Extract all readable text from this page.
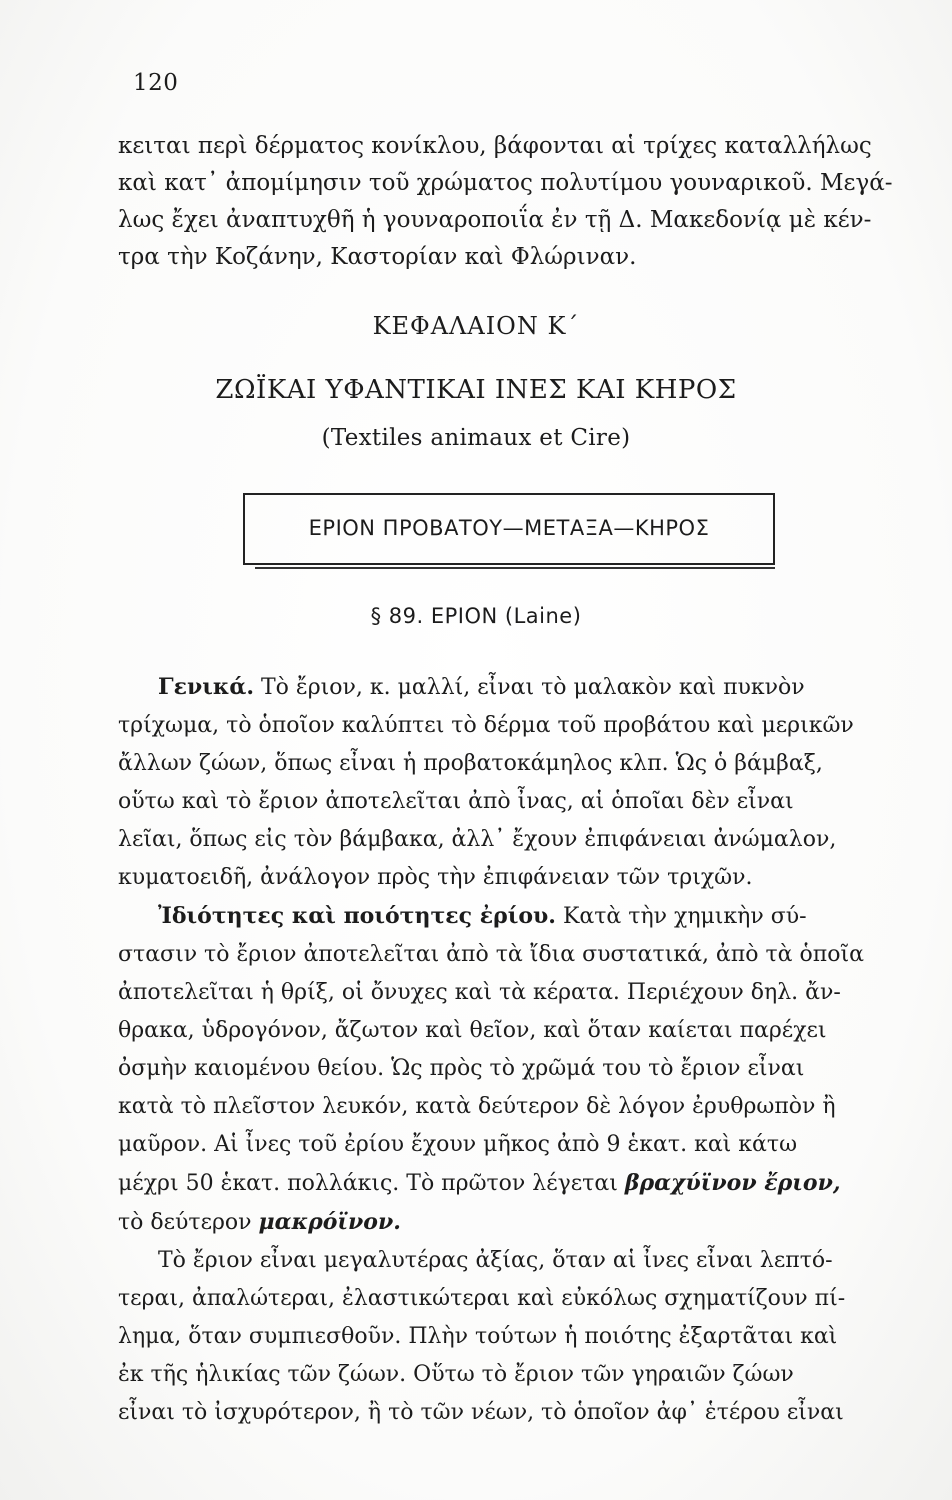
120
κειται περὶ δέρματος κονίκλου, βάφονται αἱ τρίχες καταλλήλως
καὶ κατ᾽ ἀπομίμησιν τοῦ χρώματος πολυτίμου γουναρικοῦ. Μεγά-
λως ἔχει ἀναπτυχθῆ ἡ γουναροποιΐα ἐν τῇ Δ. Μακεδονίᾳ μὲ κέν-
τρα τὴν Κοζάνην, Καστορίαν καὶ Φλώριναν.
ΚΕΦΑΛΑΙΟΝ Κ΄
ΖΩΪΚΑΙ ΥΦΑΝΤΙΚΑΙ ΙΝΕΣ ΚΑΙ ΚΗΡΟΣ
(Textiles animaux et Cire)
ΕΡΙΟΝ ΠΡΟΒΑΤΟΥ—ΜΕΤΑΞΑ—ΚΗΡΟΣ
§ 89. ΕΡΙΟΝ (Laine)

Γενικά. Τὸ ἔριον, κ. μαλλί, εἶναι τὸ μαλακὸν καὶ πυκνὸν
τρίχωμα, τὸ ὁποῖον καλύπτει τὸ δέρμα τοῦ προβάτου καὶ μερικῶν
ἄλλων ζώων, ὅπως εἶναι ἡ προβατοκάμηλος κλπ. Ὡς ὁ βάμβαξ,
οὕτω καὶ τὸ ἔριον ἀποτελεῖται ἀπὸ ἶνας, αἱ ὁποῖαι δὲν εἶναι
λεῖαι, ὅπως εἰς τὸν βάμβακα, ἀλλ᾽ ἔχουν ἐπιφάνειαι ἀνώμαλον,
κυματοειδῆ, ἀνάλογον πρὸς τὴν ἐπιφάνειαν τῶν τριχῶν.

Ἰδιότητες καὶ ποιότητες ἐρίου. Κατὰ τὴν χημικὴν σύ-
στασιν τὸ ἔριον ἀποτελεῖται ἀπὸ τὰ ἴδια συστατικά, ἀπὸ τὰ ὁποῖα
ἀποτελεῖται ἡ θρίξ, οἱ ὄνυχες καὶ τὰ κέρατα. Περιέχουν δηλ. ἄν-
θρακα, ὑδρογόνον, ἄζωτον καὶ θεῖον, καὶ ὅταν καίεται παρέχει
ὀσμὴν καιομένου θείου. Ὡς πρὸς τὸ χρῶμά του τὸ ἔριον εἶναι
κατὰ τὸ πλεῖστον λευκόν, κατὰ δεύτερον δὲ λόγον ἐρυθρωπὸν ἢ
μαῦρον. Αἱ ἶνες τοῦ ἐρίου ἔχουν μῆκος ἀπὸ 9 ἑκατ. καὶ κάτω
μέχρι 50 ἑκατ. πολλάκις. Τὸ πρῶτον λέγεται βραχύϊνον ἔριον,
τὸ δεύτερον μακρόϊνον.

Τὸ ἔριον εἶναι μεγαλυτέρας ἀξίας, ὅταν αἱ ἶνες εἶναι λεπτό-
τεραι, ἀπαλώτεραι, ἐλαστικώτεραι καὶ εὐκόλως σχηματίζουν πί-
λημα, ὅταν συμπιεσθοῦν. Πλὴν τούτων ἡ ποιότης ἐξαρτᾶται καὶ
ἐκ τῆς ἡλικίας τῶν ζώων. Οὕτω τὸ ἔριον τῶν γηραιῶν ζώων
εἶναι τὸ ἰσχυρότερον, ἢ τὸ τῶν νέων, τὸ ὁποῖον ἀφ᾽ ἑτέρου εἶναι
